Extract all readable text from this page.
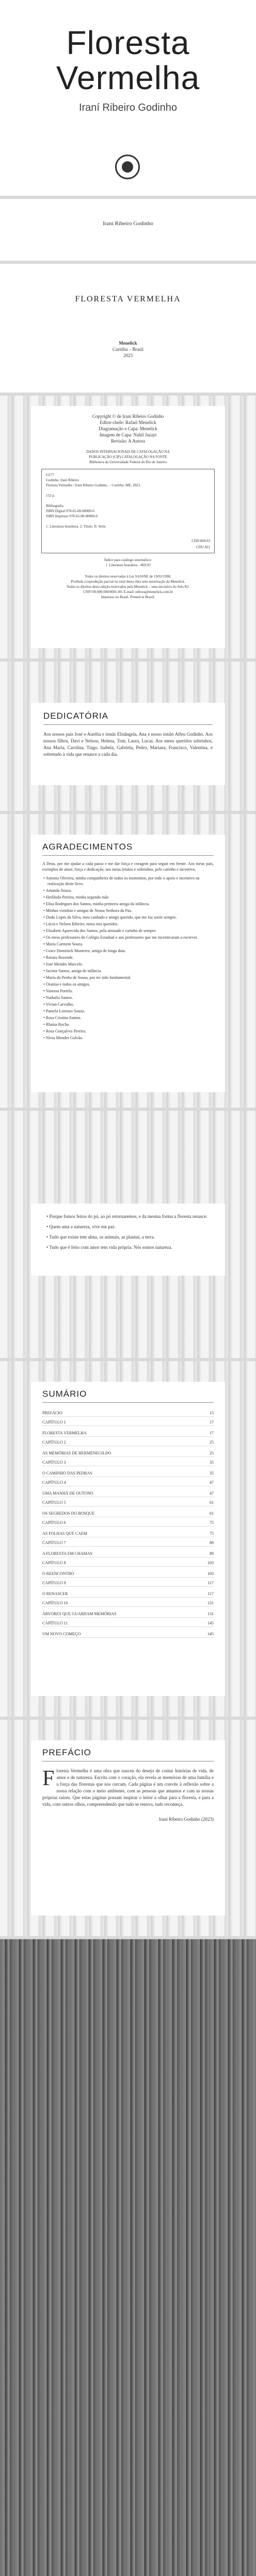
Floresta
Vermelha
Iraní Ribeiro Godinho
Iraní Ribeiro Godinho
FLORESTA VERMELHA
Menelick
Curitiba – Brasil
2023
Copyright © de Iraní Ribeiro Godinho
Editor-chefe: Rafael Menelick
Diagramação e Capa: Menelick
Imagem de Capa: Nabil Jazayi
Revisão: A Autora
DADOS INTERNACIONAIS DE CATALOGAÇÃO NA
PUBLICAÇÃO (CIP) CATALOGAÇÃO NA FONTE
Biblioteca da Universidade Federal do Rio de Janeiro
G577
Godinho, Iraní Ribeiro
Floresta Vermelha / Iraní Ribeiro Godinho. – Curitiba: ME, 2023.

152 p.

Bibliografia
ISBN Digital 978-65-00-00000-0
ISBN Impresso 978-65-00-00000-0

1. Literatura brasileira. 2. Título. II. Série
CDD 869.93
CDU 821
Índice para catálogo sistemático:
1. Literatura brasileira - 869.93
Todos os direitos reservados à Lei 9.610/98, de 19/02/1998.
Proibida a reprodução parcial ou total desta obra sem autorização da Menelick.
Todos os direitos desta edição reservados pela Menelick – uma iniciativa do Selo RJ.
CNPJ 00.000.000/0001-00. E-mail: editora@menelick.com.br
Impresso no Brasil. Printed in Brazil.
DEDICATÓRIA
Aos nossos pais José e Aurélia e irmãs Elisângela, Ana e nosso irmão Alfeu Godinho. Aos nossos filhos, Davi e Nelson, Helena, Tom, Laura, Lucas. Aos meus queridos sobrinhos, Ana Maria, Carolina, Tiago, Isabela, Gabriela, Pedro, Mariana, Francisco, Valentina, e sobretudo à vida que renasce a cada dia.
AGRADECIMENTOS
A Deus, por me ajudar a cada passo e me dar força e coragem para seguir em frente. Aos meus pais, exemplos de amor, força e dedicação; aos meus irmãos e sobrinhos, pelo carinho e incentivo.
• Antonia Oliveira, minha companheira de todos os momentos, por todo o apoio e incentivo na realização deste livro.
• Amanda Souza.
• Herlânda Pereira, minha segunda mãe.
• Elisa Rodrigues dos Santos, minha primeira amiga da infância.
• Minhas vizinhas e amigas de Nossa Senhora da Paz.
• Dudu Lopes da Silva, meu cunhado e amigo querido, que me faz sorrir sempre.
• Lúcia e Nelson Ribeiro, meus tios queridos.
• Elisabete Aparecida dos Santos, pela amizade e carinho de sempre.
• Os meus professores do Colégio Estadual e aos professores que me incentivaram a escrever.
• Maria Carmem Souza.
• Grace Dominick Monteiro, amiga de longa data.
• Renata Rezende.
• José Mendes Marcelo.
• Jacinta Santos, amiga de infância.
• Maria da Penha de Sousa, por ter sido fundamental.
• Oranisa e todos os amigos.
• Vanessa Portela.
• Nathalia Santos.
• Vivian Carvalho.
• Pamela Lorenzo Souza.
• Rosa Cristina Santos.
• Rhaisa Rocha.
• Rosa Gonçalves Pereira.
• Nívia Mendes Galvão.
• Porque fomos feitos do pó, ao pó retornaremos, e da mesma forma a floresta renasce.
• Quem ama a natureza, vive em paz.
• Tudo que existe tem alma, os animais, as plantas, a terra.
• Tudo que é feito com amor tem vida própria. Nós somos natureza.
SUMÁRIO
PREFÁCIO	15
CAPÍTULO 1	17
FLORESTA VERMELHA	17
CAPÍTULO 2	25
AS MEMÓRIAS DE HERMENEGILDO	25
CAPÍTULO 3	35
O CAMINHO DAS PEDRAS	35
CAPÍTULO 4	47
UMA MANHÃ DE OUTONO	47
CAPÍTULO 5	61
OS SEGREDOS DO BOSQUE	61
CAPÍTULO 6	75
AS FOLHAS QUE CAEM	75
CAPÍTULO 7	89
A FLORESTA EM CHAMAS	89
CAPÍTULO 8	103
O REENCONTRO	103
CAPÍTULO 9	117
O RENASCER	117
CAPÍTULO 10	131
ÁRVORES QUE GUARDAM MEMÓRIAS	131
CAPÍTULO 11	145
UM NOVO COMEÇO	145
PREFÁCIO
F loresta Vermelha é uma obra que nasceu do desejo de contar histórias de vida, de amor e de natureza. Escrita com o coração, ela revela as memórias de uma família e a força das florestas que nos cercam. Cada página é um convite à reflexão sobre a nossa relação com o meio ambiente, com as pessoas que amamos e com as nossas próprias raízes. Que estas páginas possam inspirar o leitor a olhar para a floresta, e para a vida, com outros olhos, compreendendo que tudo se renova, tudo recomeça.
Iraní Ribeiro Godinho (2023)
